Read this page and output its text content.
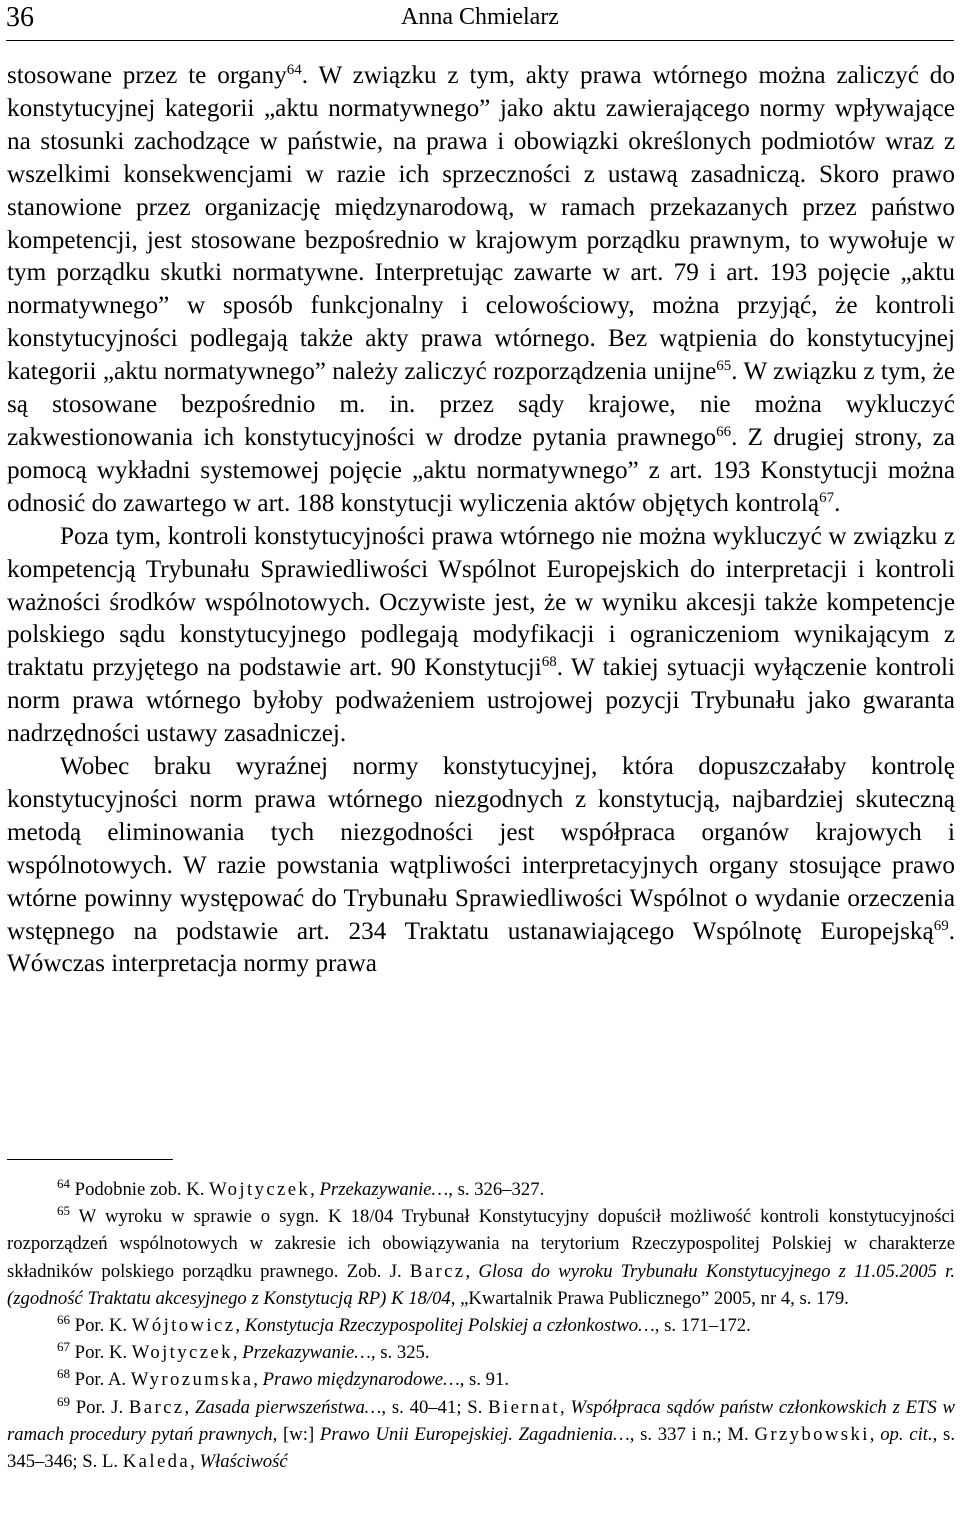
36	Anna Chmielarz

stosowane przez te organy$^{64}$. W związku z tym, akty prawa wtórnego można zaliczyć do konstytucyjnej kategorii „aktu normatywnego” jako aktu zawierającego normy wpływające na stosunki zachodzące w państwie, na prawa i obowiązki określonych podmiotów wraz z wszelkimi konsekwencjami w razie ich sprzeczności z ustawą zasadniczą. Skoro prawo stanowione przez organizację międzynarodową, w ramach przekazanych przez państwo kompetencji, jest stosowane bezpośrednio w krajowym porządku prawnym, to wywołuje w tym porządku skutki normatywne. Interpretując zawarte w art. 79 i art. 193 pojęcie „aktu normatywnego” w sposób funkcjonalny i celowościowy, można przyjąć, że kontroli konstytucyjności podlegają także akty prawa wtórnego. Bez wątpienia do konstytucyjnej kategorii „aktu normatywnego” należy zaliczyć rozporządzenia unijne$^{65}$. W związku z tym, że są stosowane bezpośrednio m. in. przez sądy krajowe, nie można wykluczyć zakwestionowania ich konstytucyjności w drodze pytania prawnego$^{66}$. Z drugiej strony, za pomocą wykładni systemowej pojęcie „aktu normatywnego” z art. 193 Konstytucji można odnosić do zawartego w art. 188 konstytucji wyliczenia aktów objętych kontrolą$^{67}$.

Poza tym, kontroli konstytucyjności prawa wtórnego nie można wykluczyć w związku z kompetencją Trybunału Sprawiedliwości Wspólnot Europejskich do interpretacji i kontroli ważności środków wspólnotowych. Oczywiste jest, że w wyniku akcesji także kompetencje polskiego sądu konstytucyjnego podlegają modyfikacji i ograniczeniom wynikającym z traktatu przyjętego na podstawie art. 90 Konstytucji$^{68}$. W takiej sytuacji wyłączenie kontroli norm prawa wtórnego byłoby podważeniem ustrojowej pozycji Trybunału jako gwaranta nadrzędności ustawy zasadniczej.

Wobec braku wyraźnej normy konstytucyjnej, która dopuszczałaby kontrolę konstytucyjności norm prawa wtórnego niezgodnych z konstytucją, najbardziej skuteczną metodą eliminowania tych niezgodności jest współpraca organów krajowych i wspólnotowych. W razie powstania wątpliwości interpretacyjnych organy stosujące prawo wtórne powinny występować do Trybunału Sprawiedliwości Wspólnot o wydanie orzeczenia wstępnego na podstawie art. 234 Traktatu ustanawiającego Wspólnotę Europejską$^{69}$. Wówczas interpretacja normy prawa

$^{64}$ Podobnie zob. K. Wojtyczek, Przekazywanie…, s. 326–327.

$^{65}$ W wyroku w sprawie o sygn. K 18/04 Trybunał Konstytucyjny dopuścił możliwość kontroli konstytucyjności rozporządzeń wspólnotowych w zakresie ich obowiązywania na terytorium Rzeczypospolitej Polskiej w charakterze składników polskiego porządku prawnego. Zob. J. Barcz, Glosa do wyroku Trybunału Konstytucyjnego z 11.05.2005 r. (zgodność Traktatu akcesyjnego z Konstytucją RP) K 18/04, „Kwartalnik Prawa Publicznego” 2005, nr 4, s. 179.

$^{66}$ Por. K. Wójtowicz, Konstytucja Rzeczypospolitej Polskiej a członkostwo…, s. 171–172.

$^{67}$ Por. K. Wojtyczek, Przekazywanie…, s. 325.

$^{68}$ Por. A. Wyrozumska, Prawo międzynarodowe…, s. 91.

$^{69}$ Por. J. Barcz, Zasada pierwszeństwa…, s. 40–41; S. Biernat, Współpraca sądów państw członkowskich z ETS w ramach procedury pytań prawnych, [w:] Prawo Unii Europejskiej. Zagadnienia…, s. 337 i n.; M. Grzybowski, op. cit., s. 345–346; S. L. Kaleda, Właściwość
